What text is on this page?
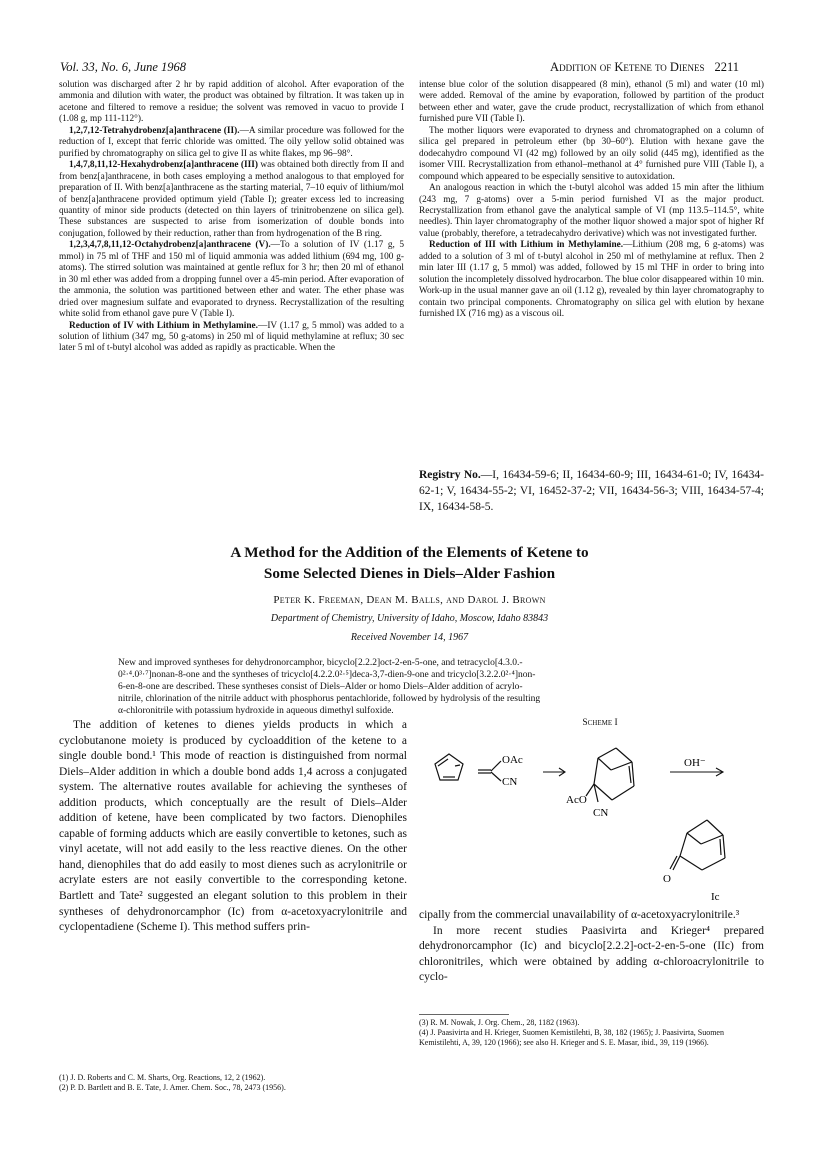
Vol. 33, No. 6, June 1968	Addition of Ketene to Dienes 2211

solution was discharged after 2 hr by rapid addition of alcohol. After evaporation of the ammonia and dilution with water, the product was obtained by filtration. It was taken up in acetone and filtered to remove a residue; the solvent was removed in vacuo to provide I (1.08 g, mp 111-112°).

1,2,7,12-Tetrahydrobenz[a]anthracene (II).—A similar procedure was followed for the reduction of I, except that ferric chloride was omitted. The oily yellow solid obtained was purified by chromatography on silica gel to give II as white flakes, mp 96–98°.

1,4,7,8,11,12-Hexahydrobenz[a]anthracene (III) was obtained both directly from II and from benz[a]anthracene, in both cases employing a method analogous to that employed for preparation of II. With benz[a]anthracene as the starting material, 7–10 equiv of lithium/mol of benz[a]anthracene provided optimum yield (Table I); greater excess led to increasing quantity of minor side products (detected on thin layers of trinitrobenzene on silica gel). These substances are suspected to arise from isomerization of double bonds into conjugation, followed by their reduction, rather than from hydrogenation of the B ring.

1,2,3,4,7,8,11,12-Octahydrobenz[a]anthracene (V).—To a solution of IV (1.17 g, 5 mmol) in 75 ml of THF and 150 ml of liquid ammonia was added lithium (694 mg, 100 g-atoms). The stirred solution was maintained at gentle reflux for 3 hr; then 20 ml of ethanol in 30 ml ether was added from a dropping funnel over a 45-min period. After evaporation of the ammonia, the solution was partitioned between ether and water. The ether phase was dried over magnesium sulfate and evaporated to dryness. Recrystallization of the resulting white solid from ethanol gave pure V (Table I).

Reduction of IV with Lithium in Methylamine.—IV (1.17 g, 5 mmol) was added to a solution of lithium (347 mg, 50 g-atoms) in 250 ml of liquid methylamine at reflux; 30 sec later 5 ml of t-butyl alcohol was added as rapidly as practicable. When the

intense blue color of the solution disappeared (8 min), ethanol (5 ml) and water (10 ml) were added. Removal of the amine by evaporation, followed by partition of the product between ether and water, gave the crude product, recrystallization of which from ethanol furnished pure VII (Table I).

The mother liquors were evaporated to dryness and chromatographed on a column of silica gel prepared in petroleum ether (bp 30–60°). Elution with hexane gave the dodecahydro compound VI (42 mg) followed by an oily solid (445 mg), identified as the isomer VIII. Recrystallization from ethanol–methanol at 4° furnished pure VIII (Table I), a compound which appeared to be especially sensitive to autoxidation.

An analogous reaction in which the t-butyl alcohol was added 15 min after the lithium (243 mg, 7 g-atoms) over a 5-min period furnished VI as the major product. Recrystallization from ethanol gave the analytical sample of VI (mp 113.5–114.5°, white needles). Thin layer chromatography of the mother liquor showed a major spot of higher Rf value (probably, therefore, a tetradecahydro derivative) which was not investigated further.

Reduction of III with Lithium in Methylamine.—Lithium (208 mg, 6 g-atoms) was added to a solution of 3 ml of t-butyl alcohol in 250 ml of methylamine at reflux. Then 2 min later III (1.17 g, 5 mmol) was added, followed by 15 ml THF in order to bring into solution the incompletely dissolved hydrocarbon. The blue color disappeared within 10 min. Work-up in the usual manner gave an oil (1.12 g), revealed by thin layer chromatography to contain two principal components. Chromatography on silica gel with elution by hexane furnished IX (716 mg) as a viscous oil.

Registry No.—I, 16434-59-6; II, 16434-60-9; III, 16434-61-0; IV, 16434-62-1; V, 16434-55-2; VI, 16452-37-2; VII, 16434-56-3; VIII, 16434-57-4; IX, 16434-58-5.
A Method for the Addition of the Elements of Ketene to
Some Selected Dienes in Diels–Alder Fashion
Peter K. Freeman, Dean M. Balls, and Darol J. Brown
Department of Chemistry, University of Idaho, Moscow, Idaho 83843
Received November 14, 1967
New and improved syntheses for dehydronorcamphor, bicyclo[2.2.2]oct-2-en-5-one, and tetracyclo[4.3.0.-
0²·⁴.0³·⁷]nonan-8-one and the syntheses of tricyclo[4.2.2.0²·⁵]deca-3,7-dien-9-one and tricyclo[3.2.2.0²·⁴]non-
6-en-8-one are described. These syntheses consist of Diels–Alder or homo Diels–Alder addition of acrylo-
nitrile, chlorination of the nitrile adduct with phosphorus pentachloride, followed by hydrolysis of the resulting
α-chloronitrile with potassium hydroxide in aqueous dimethyl sulfoxide.

The addition of ketenes to dienes yields products in which a cyclobutanone moiety is produced by cycloaddition of the ketene to a single double bond.¹ This mode of reaction is distinguished from normal Diels–Alder addition in which a double bond adds 1,4 across a conjugated system. The alternative routes available for achieving the syntheses of addition products, which conceptually are the result of Diels–Alder addition of ketene, have been complicated by two factors. Dienophiles capable of forming adducts which are easily convertible to ketones, such as vinyl acetate, will not add easily to the less reactive dienes. On the other hand, dienophiles that do add easily to most dienes such as acrylonitrile or acrylate esters are not easily convertible to the corresponding ketone. Bartlett and Tate² suggested an elegant solution to this problem in their syntheses of dehydronorcamphor (Ic) from α-acetoxyacrylonitrile and cyclopentadiene (Scheme I). This method suffers prin-

Scheme I
OAc
CN
AcO
CN
OH⁻
O
Ic

cipally from the commercial unavailability of α-acetoxyacrylonitrile.³

In more recent studies Paasivirta and Krieger⁴ prepared dehydronorcamphor (Ic) and bicyclo[2.2.2]-oct-2-en-5-one (IIc) from chloronitriles, which were obtained by adding α-chloroacrylonitrile to cyclo-

(3) R. M. Nowak, J. Org. Chem., 28, 1182 (1963).
(4) J. Paasivirta and H. Krieger, Suomen Kemistilehti, B, 38, 182 (1965); J. Paasivirta, Suomen Kemistilehti, A, 39, 120 (1966); see also H. Krieger and S. E. Masar, ibid., 39, 119 (1966).
(1) J. D. Roberts and C. M. Sharts, Org. Reactions, 12, 2 (1962).
(2) P. D. Bartlett and B. E. Tate, J. Amer. Chem. Soc., 78, 2473 (1956).
